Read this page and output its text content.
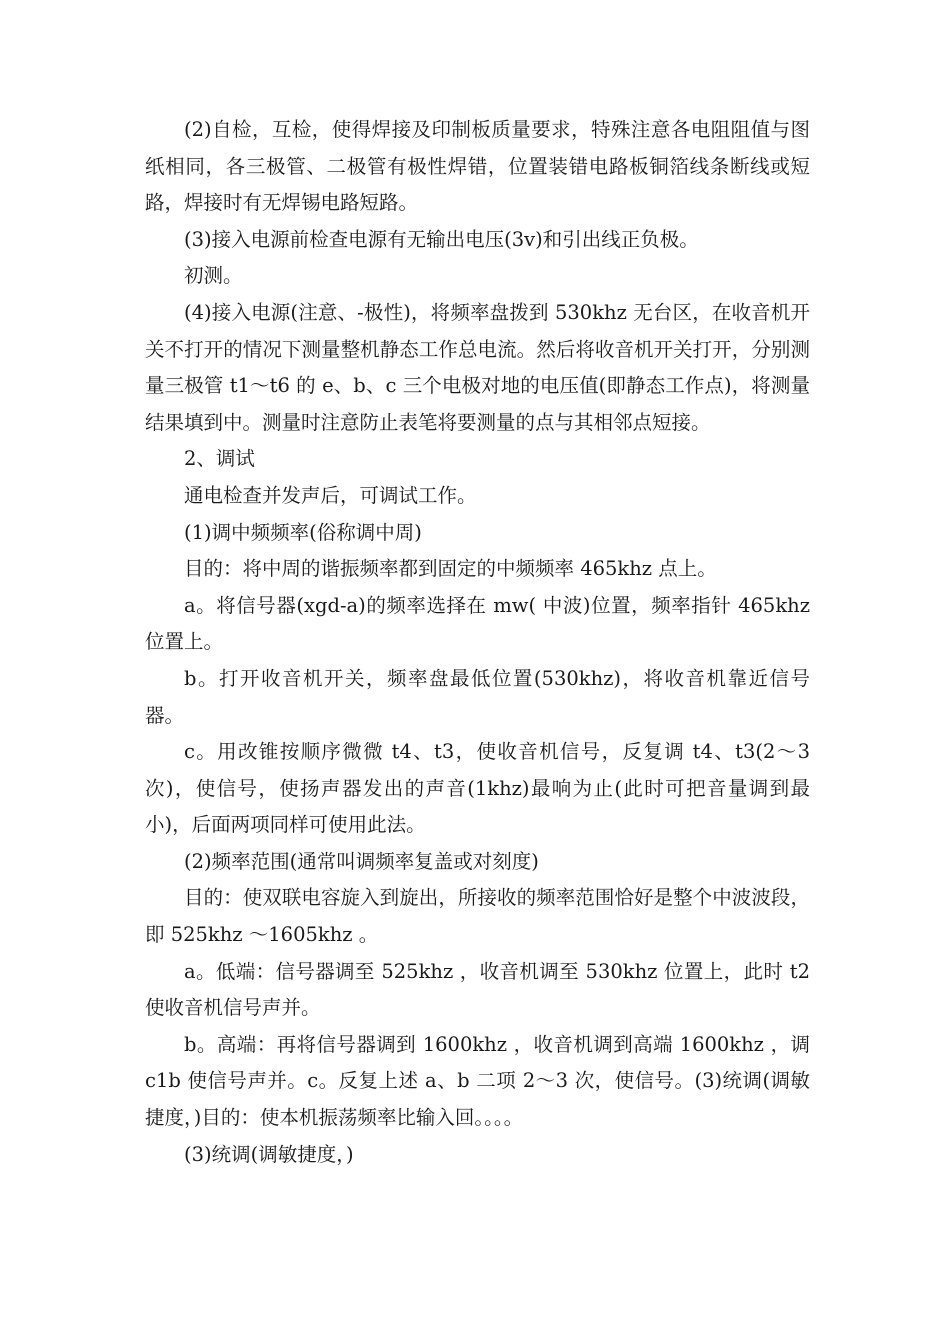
(2)自检，互检，使得焊接及印制板质量要求，特殊注意各电阻阻值与图纸相同，各三极管、二极管有极性焊错，位置装错电路板铜箔线条断线或短路，焊接时有无焊锡电路短路。

(3)接入电源前检查电源有无输出电压(3v)和引出线正负极。

初测。

(4)接入电源(注意、-极性)，将频率盘拨到 530khz 无台区，在收音机开关不打开的情况下测量整机静态工作总电流。然后将收音机开关打开，分别测量三极管 t1～t6 的 e、b、c 三个电极对地的电压值(即静态工作点)，将测量结果填到中。测量时注意防止表笔将要测量的点与其相邻点短接。

2、调试

通电检查并发声后，可调试工作。

(1)调中频频率(俗称调中周)

目的：将中周的谐振频率都到固定的中频频率 465khz 点上。

a。将信号器(xgd-a)的频率选择在 mw( 中波)位置，频率指针 465khz 位置上。

b。打开收音机开关，频率盘最低位置(530khz)，将收音机靠近信号器。

c。用改锥按顺序微微 t4、t3，使收音机信号，反复调 t4、t3(2～3 次)，使信号，使扬声器发出的声音(1khz)最响为止(此时可把音量调到最小)，后面两项同样可使用此法。

(2)频率范围(通常叫调频率复盖或对刻度)

目的：使双联电容旋入到旋出，所接收的频率范围恰好是整个中波波段，即 525khz ～1605khz 。

a。低端：信号器调至 525khz ，收音机调至 530khz 位置上，此时 t2 使收音机信号声并。

b。高端：再将信号器调到 1600khz ，收音机调到高端 1600khz ，调 c1b 使信号声并。c。反复上述 a、b 二项 2～3 次，使信号。(3)统调(调敏捷度，)目的：使本机振荡频率比输入回。。。。

(3)统调(调敏捷度，)
